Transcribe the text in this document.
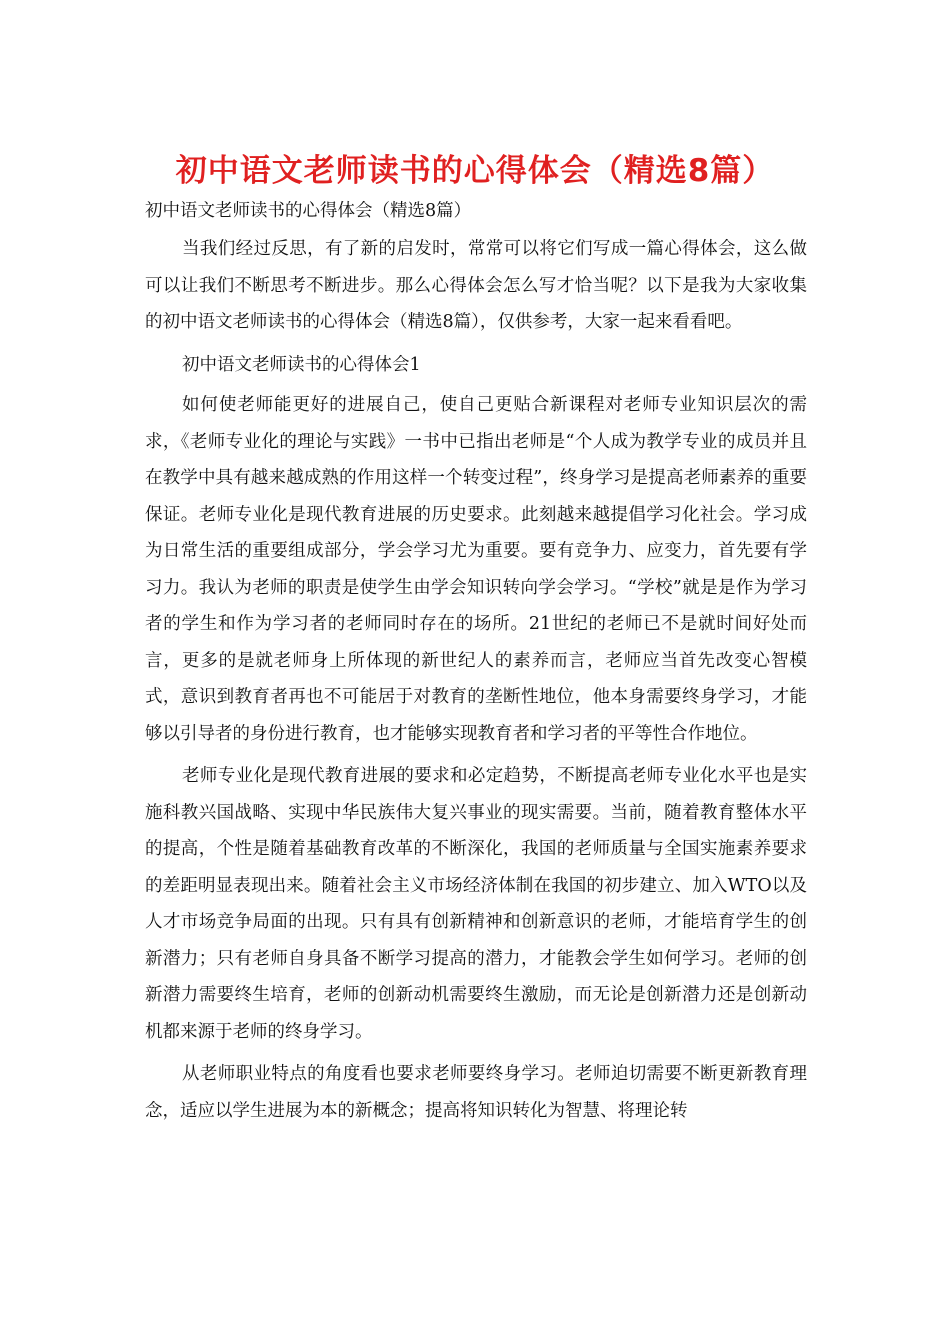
初中语文老师读书的心得体会（精选8篇）
初中语文老师读书的心得体会（精选8篇）

当我们经过反思，有了新的启发时，常常可以将它们写成一篇心得体会，这么做可以让我们不断思考不断进步。那么心得体会怎么写才恰当呢？以下是我为大家收集的初中语文老师读书的心得体会（精选8篇），仅供参考，大家一起来看看吧。

初中语文老师读书的心得体会1

如何使老师能更好的进展自己，使自己更贴合新课程对老师专业知识层次的需求，《老师专业化的理论与实践》一书中已指出老师是“个人成为教学专业的成员并且在教学中具有越来越成熟的作用这样一个转变过程”，终身学习是提高老师素养的重要保证。老师专业化是现代教育进展的历史要求。此刻越来越提倡学习化社会。学习成为日常生活的重要组成部分，学会学习尤为重要。要有竞争力、应变力，首先要有学习力。我认为老师的职责是使学生由学会知识转向学会学习。“学校”就是是作为学习者的学生和作为学习者的老师同时存在的场所。21世纪的老师已不是就时间好处而言，更多的是就老师身上所体现的新世纪人的素养而言，老师应当首先改变心智模式，意识到教育者再也不可能居于对教育的垄断性地位，他本身需要终身学习，才能够以引导者的身份进行教育，也才能够实现教育者和学习者的平等性合作地位。

老师专业化是现代教育进展的要求和必定趋势，不断提高老师专业化水平也是实施科教兴国战略、实现中华民族伟大复兴事业的现实需要。当前，随着教育整体水平的提高，个性是随着基础教育改革的不断深化，我国的老师质量与全国实施素养要求的差距明显表现出来。随着社会主义市场经济体制在我国的初步建立、加入WTO以及人才市场竞争局面的出现。只有具有创新精神和创新意识的老师，才能培育学生的创新潜力；只有老师自身具备不断学习提高的潜力，才能教会学生如何学习。老师的创新潜力需要终生培育，老师的创新动机需要终生激励，而无论是创新潜力还是创新动机都来源于老师的终身学习。

从老师职业特点的角度看也要求老师要终身学习。老师迫切需要不断更新教育理念，适应以学生进展为本的新概念；提高将知识转化为智慧、将理论转
